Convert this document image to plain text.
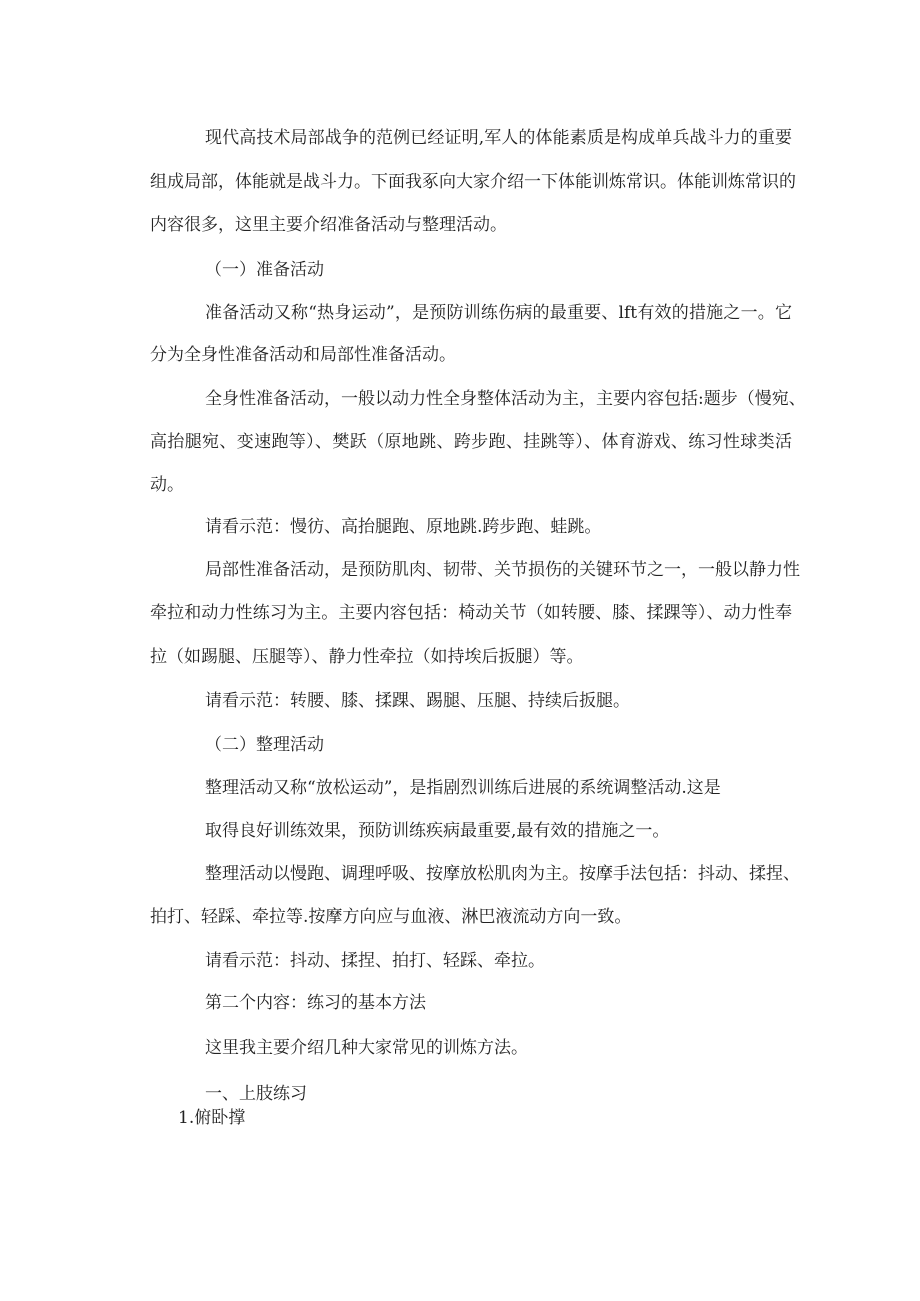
现代高技术局部战争的范例已经证明,军人的体能素质是构成单兵战斗力的重要

组成局部，体能就是战斗力。下面我豖向大家介绍一下体能训炼常识。体能训炼常识的

内容很多，这里主要介绍准备活动与整理活动。

（一）准备活动

准备活动又称“热身运动”，是预防训练伤病的最重要、lft有效的措施之一。它

分为全身性准备活动和局部性准备活动。

全身性准备活动，一般以动力性全身整体活动为主，主要内容包括:题步（慢宛、

高抬腿宛、变速跑等）、樊跃（原地跳、跨步跑、挂跳等）、体育游戏、练习性球类活

动。

请看示范：慢彷、高抬腿跑、原地跳.跨步跑、蛙跳。

局部性准备活动，是预防肌肉、韧带、关节损伤的关键环节之一，一般以静力性

牵拉和动力性练习为主。主要内容包括：椅动关节（如转腰、膝、揉踝等）、动力性奉

拉（如踢腿、压腿等）、静力性牵拉（如持埃后扳腿）等。

请看示范：转腰、膝、揉踝、踢腿、压腿、持续后扳腿。

（二）整理活动

整理活动又称“放松运动”，是指剧烈训练后进展的系统调整活动.这是

取得良好训练效果，预防训练疾病最重要,最有效的措施之一。

整理活动以慢跑、调理呼吸、按摩放松肌肉为主。按摩手法包括：抖动、揉捏、

拍打、轻踩、牵拉等.按摩方向应与血液、淋巴液流动方向一致。

请看示范：抖动、揉捏、拍打、轻踩、牵拉。

第二个内容：练习的基本方法

这里我主要介绍几种大家常见的训炼方法。

一、上肢练习

1.俯卧撑
